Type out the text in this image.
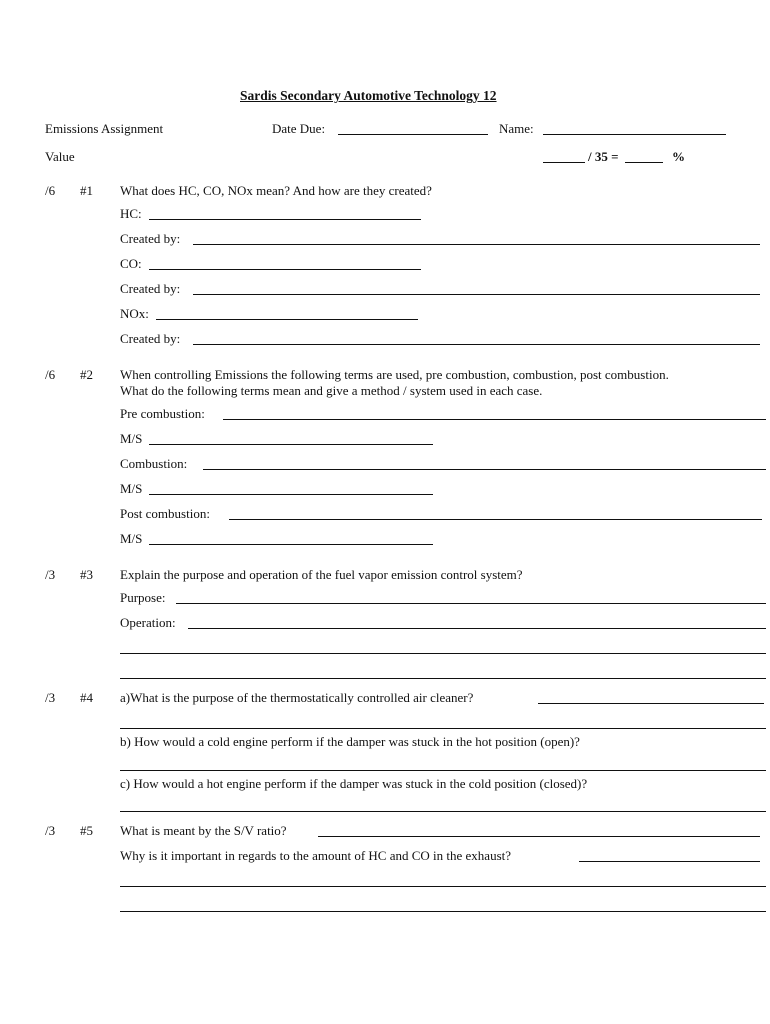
Sardis Secondary Automotive Technology 12
Emissions Assignment	Date Due:	Name:
Value	/ 35 =	%
/6 #1 What does HC, CO, NOx mean? And how are they created?
HC:
Created by:
CO:
Created by:
NOx:
Created by:
/6 #2 When controlling Emissions the following terms are used, pre combustion, combustion, post combustion.
What do the following terms mean and give a method / system used in each case.
Pre combustion:
M/S
Combustion:
M/S
Post combustion:
M/S
/3 #3 Explain the purpose and operation of the fuel vapor emission control system?
Purpose:
Operation:
/3 #4 a)What is the purpose of the thermostatically controlled air cleaner?
b) How would a cold engine perform if the damper was stuck in the hot position (open)?
c) How would a hot engine perform if the damper was stuck in the cold position (closed)?
/3 #5 What is meant by the S/V ratio?
Why is it important in regards to the amount of HC and CO in the exhaust?
